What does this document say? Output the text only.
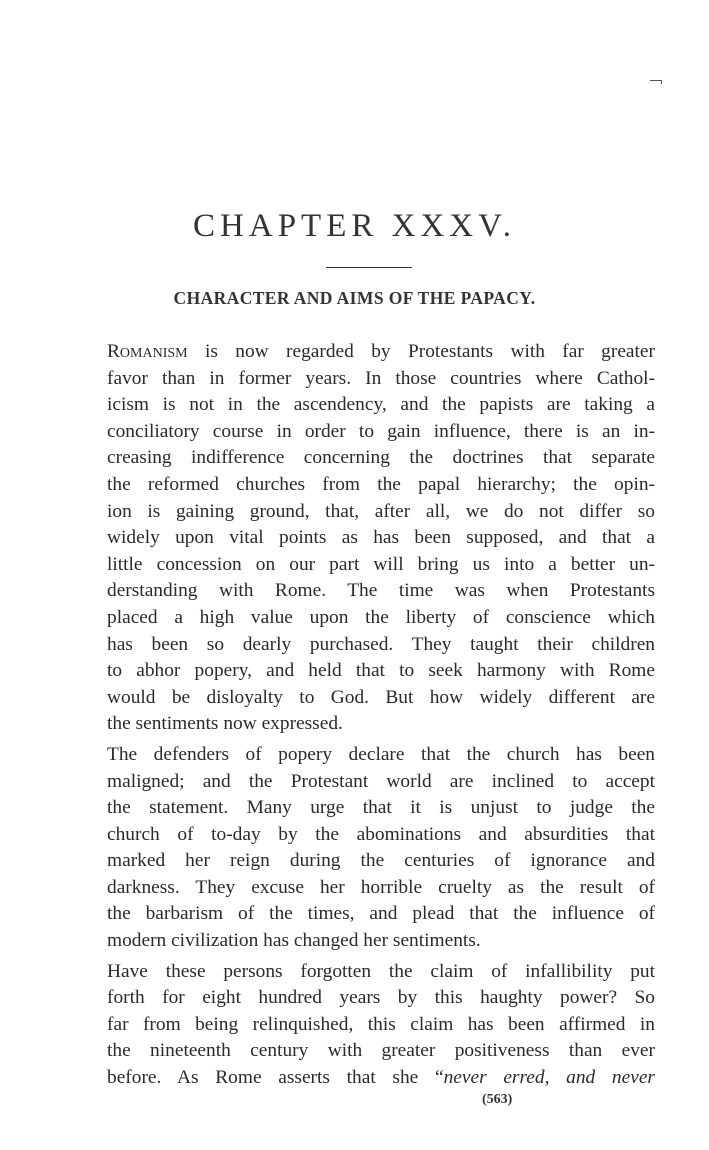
CHAPTER XXXV.
CHARACTER AND AIMS OF THE PAPACY.

Romanism is now regarded by Protestants with far greater
favor than in former years. In those countries where Cathol-
icism is not in the ascendency, and the papists are taking a
conciliatory course in order to gain influence, there is an in-
creasing indifference concerning the doctrines that separate
the reformed churches from the papal hierarchy; the opin-
ion is gaining ground, that, after all, we do not differ so
widely upon vital points as has been supposed, and that a
little concession on our part will bring us into a better un-
derstanding with Rome. The time was when Protestants
placed a high value upon the liberty of conscience which
has been so dearly purchased. They taught their children
to abhor popery, and held that to seek harmony with Rome
would be disloyalty to God. But how widely different are
the sentiments now expressed.

The defenders of popery declare that the church has been
maligned; and the Protestant world are inclined to accept
the statement. Many urge that it is unjust to judge the
church of to-day by the abominations and absurdities that
marked her reign during the centuries of ignorance and
darkness. They excuse her horrible cruelty as the result of
the barbarism of the times, and plead that the influence of
modern civilization has changed her sentiments.

Have these persons forgotten the claim of infallibility put
forth for eight hundred years by this haughty power? So
far from being relinquished, this claim has been affirmed in
the nineteenth century with greater positiveness than ever
before. As Rome asserts that she “never erred, and never

(563)
